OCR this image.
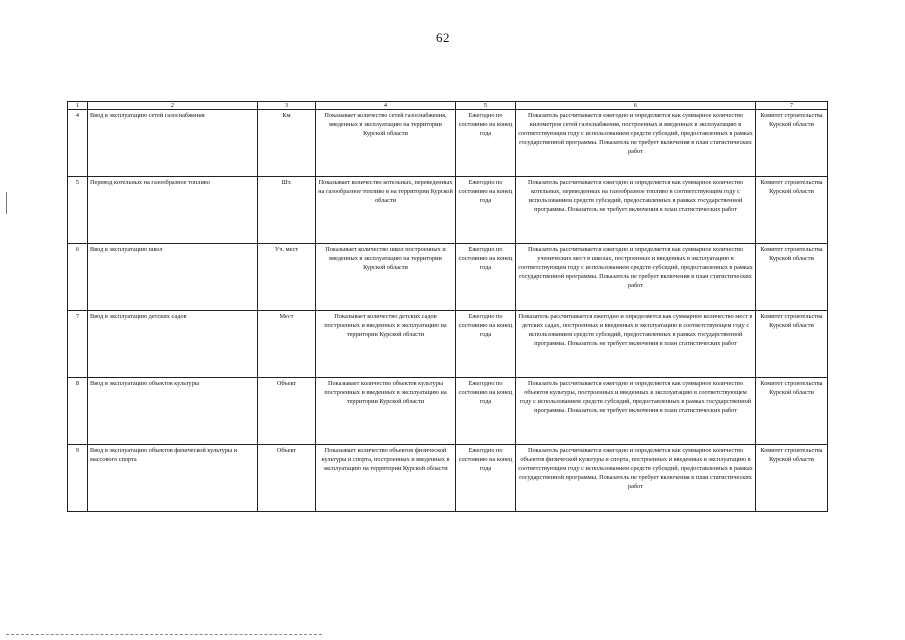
62
1	2	3	4	5	6	7
4	Ввод в эксплуатацию сетей газоснабжения	Км	Показывает количество сетей газоснабжения, введенных в эксплуатацию на территории Курской области	Ежегодно по состоянию на конец года	Показатель рассчитывается ежегодно и определяется как суммарное количество километров сетей газоснабжения, построенных и введенных в эксплуатацию в соответствующем году с использованием средств субсидий, предоставленных в рамках государственной программы. Показатель не требует включения в план статистических работ	Комитет строительства Курской области
5	Перевод котельных на газообразное топливо	Шт.	Показывает количество котельных, переведенных на газообразное топливо в на территории Курской области	Ежегодно по состоянию на конец года	Показатель рассчитывается ежегодно и определяется как суммарное количество котельных, переведенных на газообразное топливо в соответствующем году с использованием средств субсидий, предоставленных в рамках государственной программы. Показатель не требует включения в план статистических работ	Комитет строительства Курской области
6	Ввод в эксплуатацию школ	Уч. мест	Показывает количество школ построенных и введенных в эксплуатацию на территории Курской области	Ежегодно по состоянию на конец года	Показатель рассчитывается ежегодно и определяется как суммарное количество ученических мест в школах, построенных и введенных в эксплуатацию в соответствующем году с использованием средств субсидий, предоставленных в рамках государственной программы. Показатель не требует включения в план статистических работ	Комитет строительства Курской области
7	Ввод в эксплуатацию детских садов	Мест	Показывает количество детских садов построенных и введенных в эксплуатацию на территории Курской области	Ежегодно по состоянию на конец года	Показатель рассчитывается ежегодно и определяется как суммарное количество мест в детских садах, построенных и введенных в эксплуатацию в соответствующем году с использованием средств субсидий, предоставленных в рамках государственной программы. Показатель не требует включения в план статистических работ	Комитет строительства Курской области
8	Ввод в эксплуатацию объектов культуры	Объект	Показывает количество объектов культуры построенных и введенных в эксплуатацию на территории Курской области	Ежегодно по состоянию на конец года	Показатель рассчитывается ежегодно и определяется как суммарное количество объектов культуры, построенных и введенных в эксплуатацию в соответствующем году с использованием средств субсидий, предоставленных в рамках государственной программы. Показатель не требует включения в план статистических работ	Комитет строительства Курской области
9	Ввод в эксплуатацию объектов физической культуры и массового спорта	Объект	Показывает количество объектов физической культуры и спорта, построенных и введенных в эксплуатацию на территории Курской области	Ежегодно по состоянию на конец года	Показатель рассчитывается ежегодно и определяется как суммарное количество объектов физической культуры и спорта, построенных и введенных в эксплуатацию в соответствующем году с использованием средств субсидий, предоставленных в рамках государственной программы. Показатель не требует включения в план статистических работ	Комитет строительства Курской области
